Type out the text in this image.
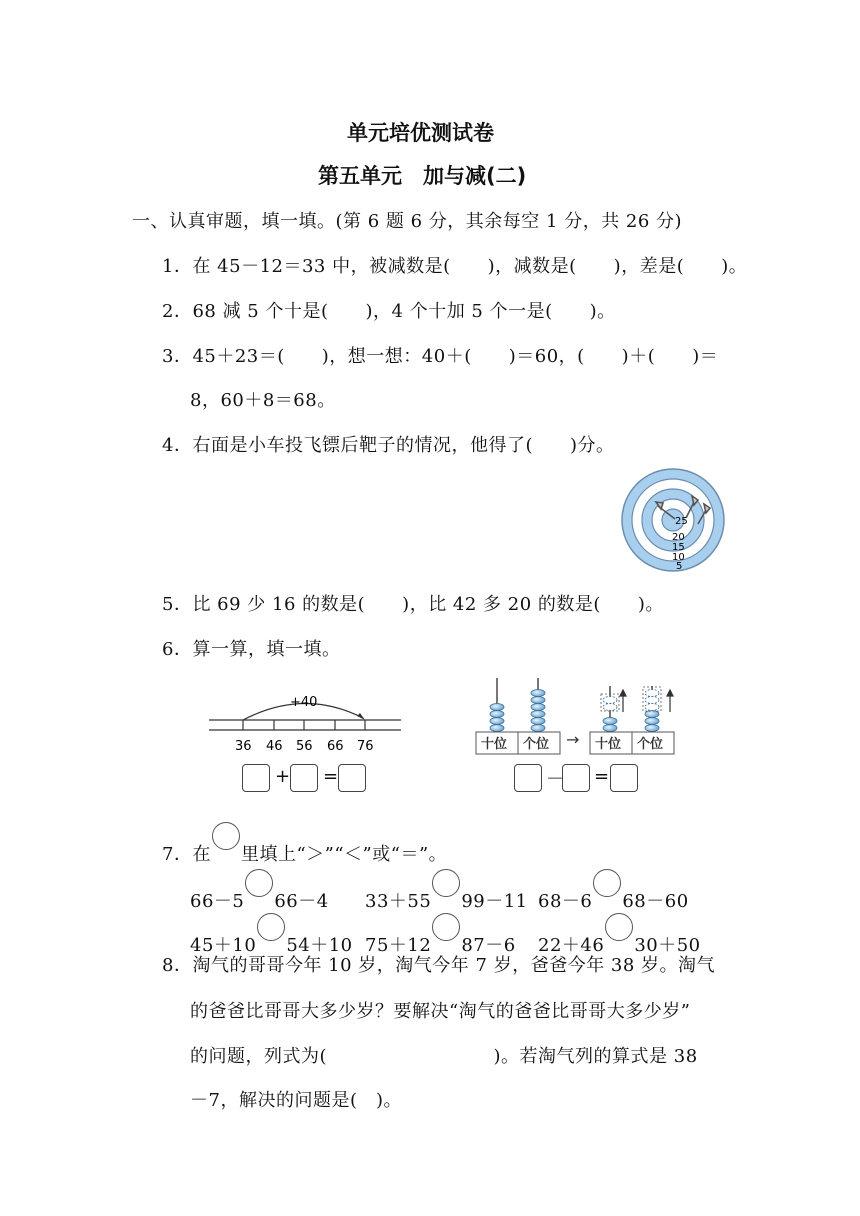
单元培优测试卷
第五单元　加与减(二)
一、认真审题，填一填。(第 6 题 6 分，其余每空 1 分，共 26 分)
1．在 45－12＝33 中，被减数是(　　)，减数是(　　)，差是(　　)。
2．68 减 5 个十是(　　)，4 个十加 5 个一是(　　)。
3．45＋23＝(　　)，想一想：40＋(　　)＝60，(　　)＋(　　)＝
8，60＋8＝68。
4．右面是小车投飞镖后靶子的情况，他得了(　　)分。
25
20
15
10
5
5．比 69 少 16 的数是(　　)，比 42 多 20 的数是(　　)。
6．算一算，填一填。
+40
36 46 56 66 76
+ =
十位 个位	十位 个位
→
－ =
7．在 里填上“＞”“＜”或“＝”。
66－5 66－4 33＋55 99－11 68－6 68－60
45＋10 54＋10 75＋12 87－6 22＋46 30＋50
8．淘气的哥哥今年 10 岁，淘气今年 7 岁，爸爸今年 38 岁。淘气
的爸爸比哥哥大多少岁？要解决“淘气的爸爸比哥哥大多少岁”
的问题，列式为(　　　　　　　　　)。若淘气列的算式是 38
－7，解决的问题是(　)。
